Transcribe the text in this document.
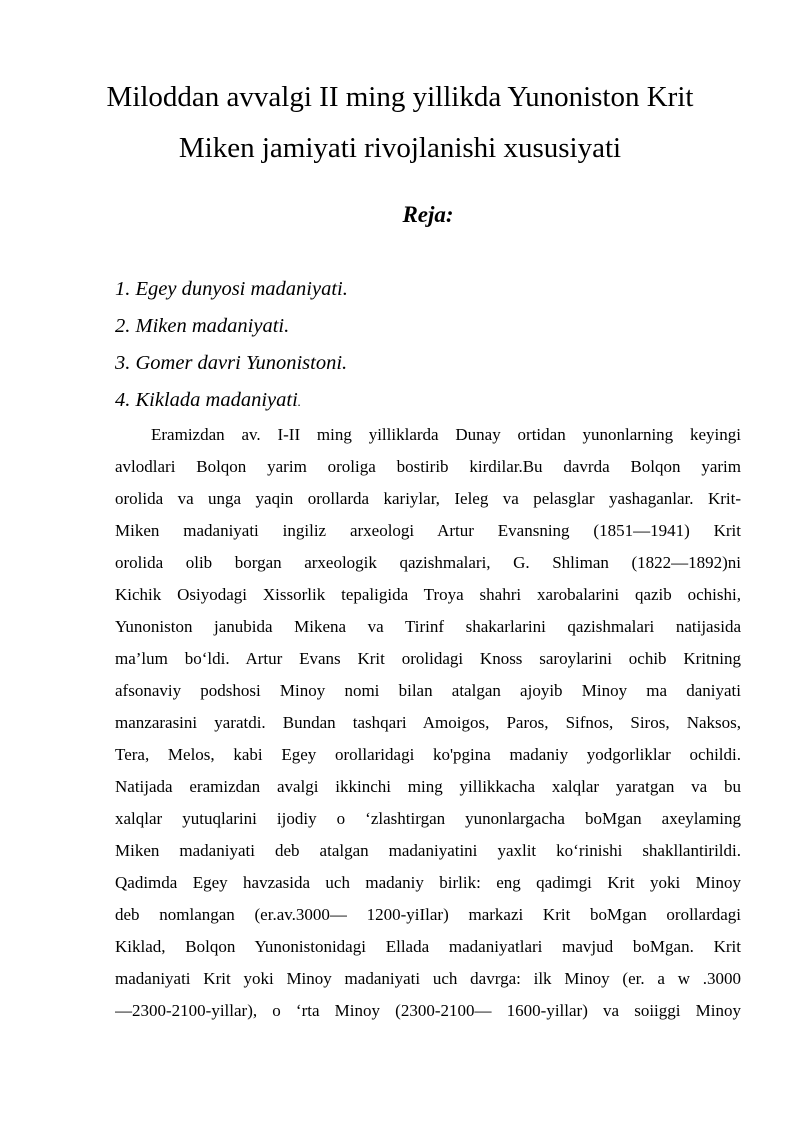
Miloddan avvalgi II ming yillikda Yunoniston Krit
Miken jamiyati rivojlanishi xususiyati
Reja:
1. Egey dunyosi madaniyati.
2. Miken madaniyati.
3. Gomer davri Yunonistoni.
4. Kiklada madaniyati.
Eramizdan av. I-II ming yilliklarda Dunay ortidan yunonlarning keyingi
avlodlari Bolqon yarim oroliga bostirib kirdilar.Bu davrda Bolqon yarim
orolida va unga yaqin orollarda kariylar, Ieleg va pelasglar yashaganlar. Krit-
Miken madaniyati ingiliz arxeologi Artur Evansning (1851—1941) Krit
orolida olib borgan arxeologik qazishmalari, G. Shliman (1822—1892)ni
Kichik Osiyodagi Xissorlik tepaligida Troya shahri xarobalarini qazib ochishi,
Yunoniston janubida Mikena va Tirinf shakarlarini qazishmalari natijasida
ma’lum bo‘ldi. Artur Evans Krit orolidagi Knoss saroylarini ochib Kritning
afsonaviy podshosi Minoy nomi bilan atalgan ajoyib Minoy ma daniyati
manzarasini yaratdi. Bundan tashqari Amoigos, Paros, Sifnos, Siros, Naksos,
Tera, Melos, kabi Egey orollaridagi ko'pgina madaniy yodgorliklar ochildi.
Natijada eramizdan avalgi ikkinchi ming yillikkacha xalqlar yaratgan va bu
xalqlar yutuqlarini ijodiy o ‘zlashtirgan yunonlargacha boMgan axeylaming
Miken madaniyati deb atalgan madaniyatini yaxlit ko‘rinishi shakllantirildi.
Qadimda Egey havzasida uch madaniy birlik: eng qadimgi Krit yoki Minoy
deb nomlangan (er.av.3000— 1200-yiIlar) markazi Krit boMgan orollardagi
Kiklad, Bolqon Yunonistonidagi Ellada madaniyatlari mavjud boMgan. Krit
madaniyati Krit yoki Minoy madaniyati uch davrga: ilk Minoy (er. a w .3000
—2300-2100-yillar), o ‘rta Minoy (2300-2100— 1600-yillar) va soiiggi Minoy
